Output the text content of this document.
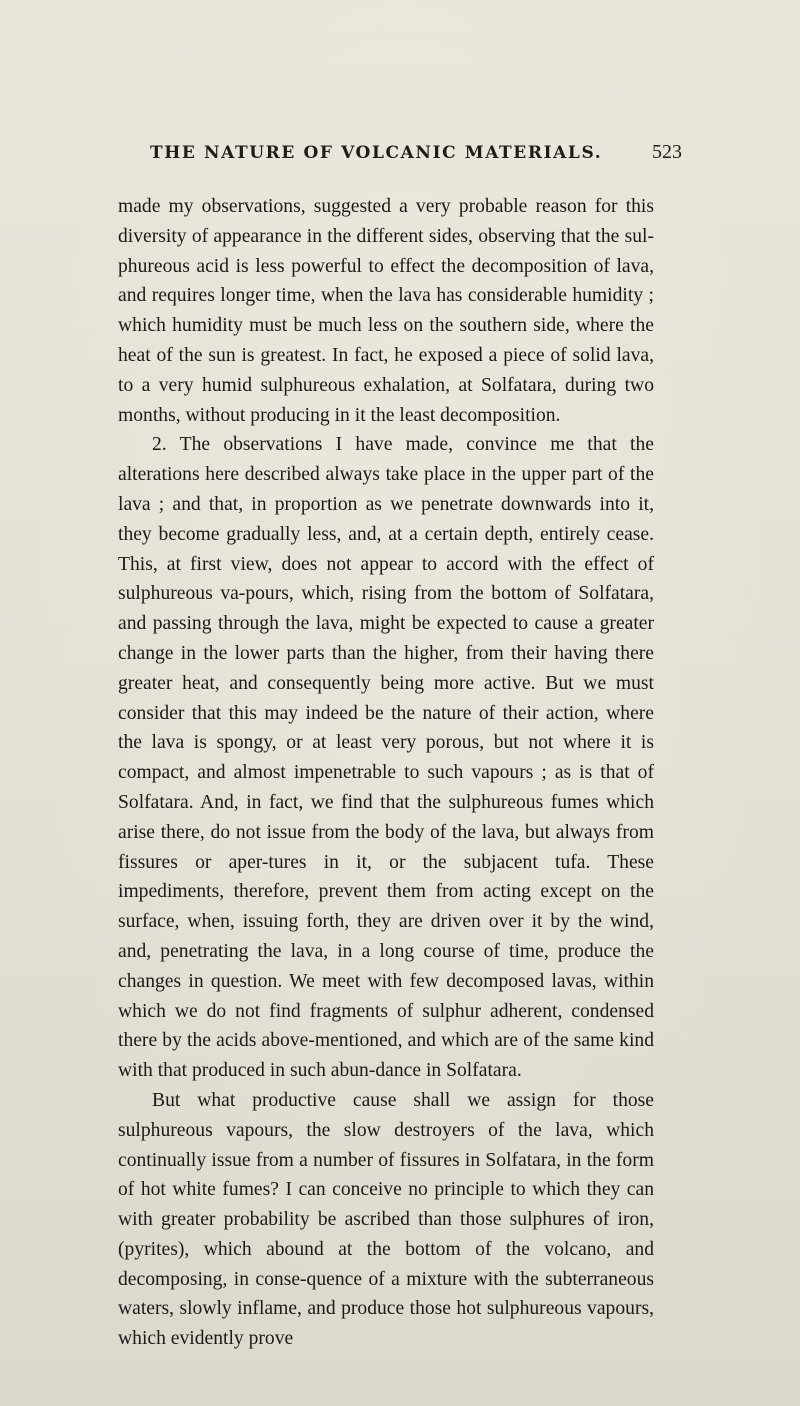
THE NATURE OF VOLCANIC MATERIALS.	523

made my observations, suggested a very probable reason for this diversity of appearance in the different sides, observing that the sul-phureous acid is less powerful to effect the decomposition of lava, and requires longer time, when the lava has considerable humidity ; which humidity must be much less on the southern side, where the heat of the sun is greatest. In fact, he exposed a piece of solid lava, to a very humid sulphureous exhalation, at Solfatara, during two months, without producing in it the least decomposition.

2. The observations I have made, convince me that the alterations here described always take place in the upper part of the lava ; and that, in proportion as we penetrate downwards into it, they become gradually less, and, at a certain depth, entirely cease. This, at first view, does not appear to accord with the effect of sulphureous va-pours, which, rising from the bottom of Solfatara, and passing through the lava, might be expected to cause a greater change in the lower parts than the higher, from their having there greater heat, and consequently being more active. But we must consider that this may indeed be the nature of their action, where the lava is spongy, or at least very porous, but not where it is compact, and almost impenetrable to such vapours ; as is that of Solfatara. And, in fact, we find that the sulphureous fumes which arise there, do not issue from the body of the lava, but always from fissures or aper-tures in it, or the subjacent tufa. These impediments, therefore, prevent them from acting except on the surface, when, issuing forth, they are driven over it by the wind, and, penetrating the lava, in a long course of time, produce the changes in question. We meet with few decomposed lavas, within which we do not find fragments of sulphur adherent, condensed there by the acids above-mentioned, and which are of the same kind with that produced in such abun-dance in Solfatara.

But what productive cause shall we assign for those sulphureous vapours, the slow destroyers of the lava, which continually issue from a number of fissures in Solfatara, in the form of hot white fumes? I can conceive no principle to which they can with greater probability be ascribed than those sulphures of iron, (pyrites), which abound at the bottom of the volcano, and decomposing, in conse-quence of a mixture with the subterraneous waters, slowly inflame, and produce those hot sulphureous vapours, which evidently prove
